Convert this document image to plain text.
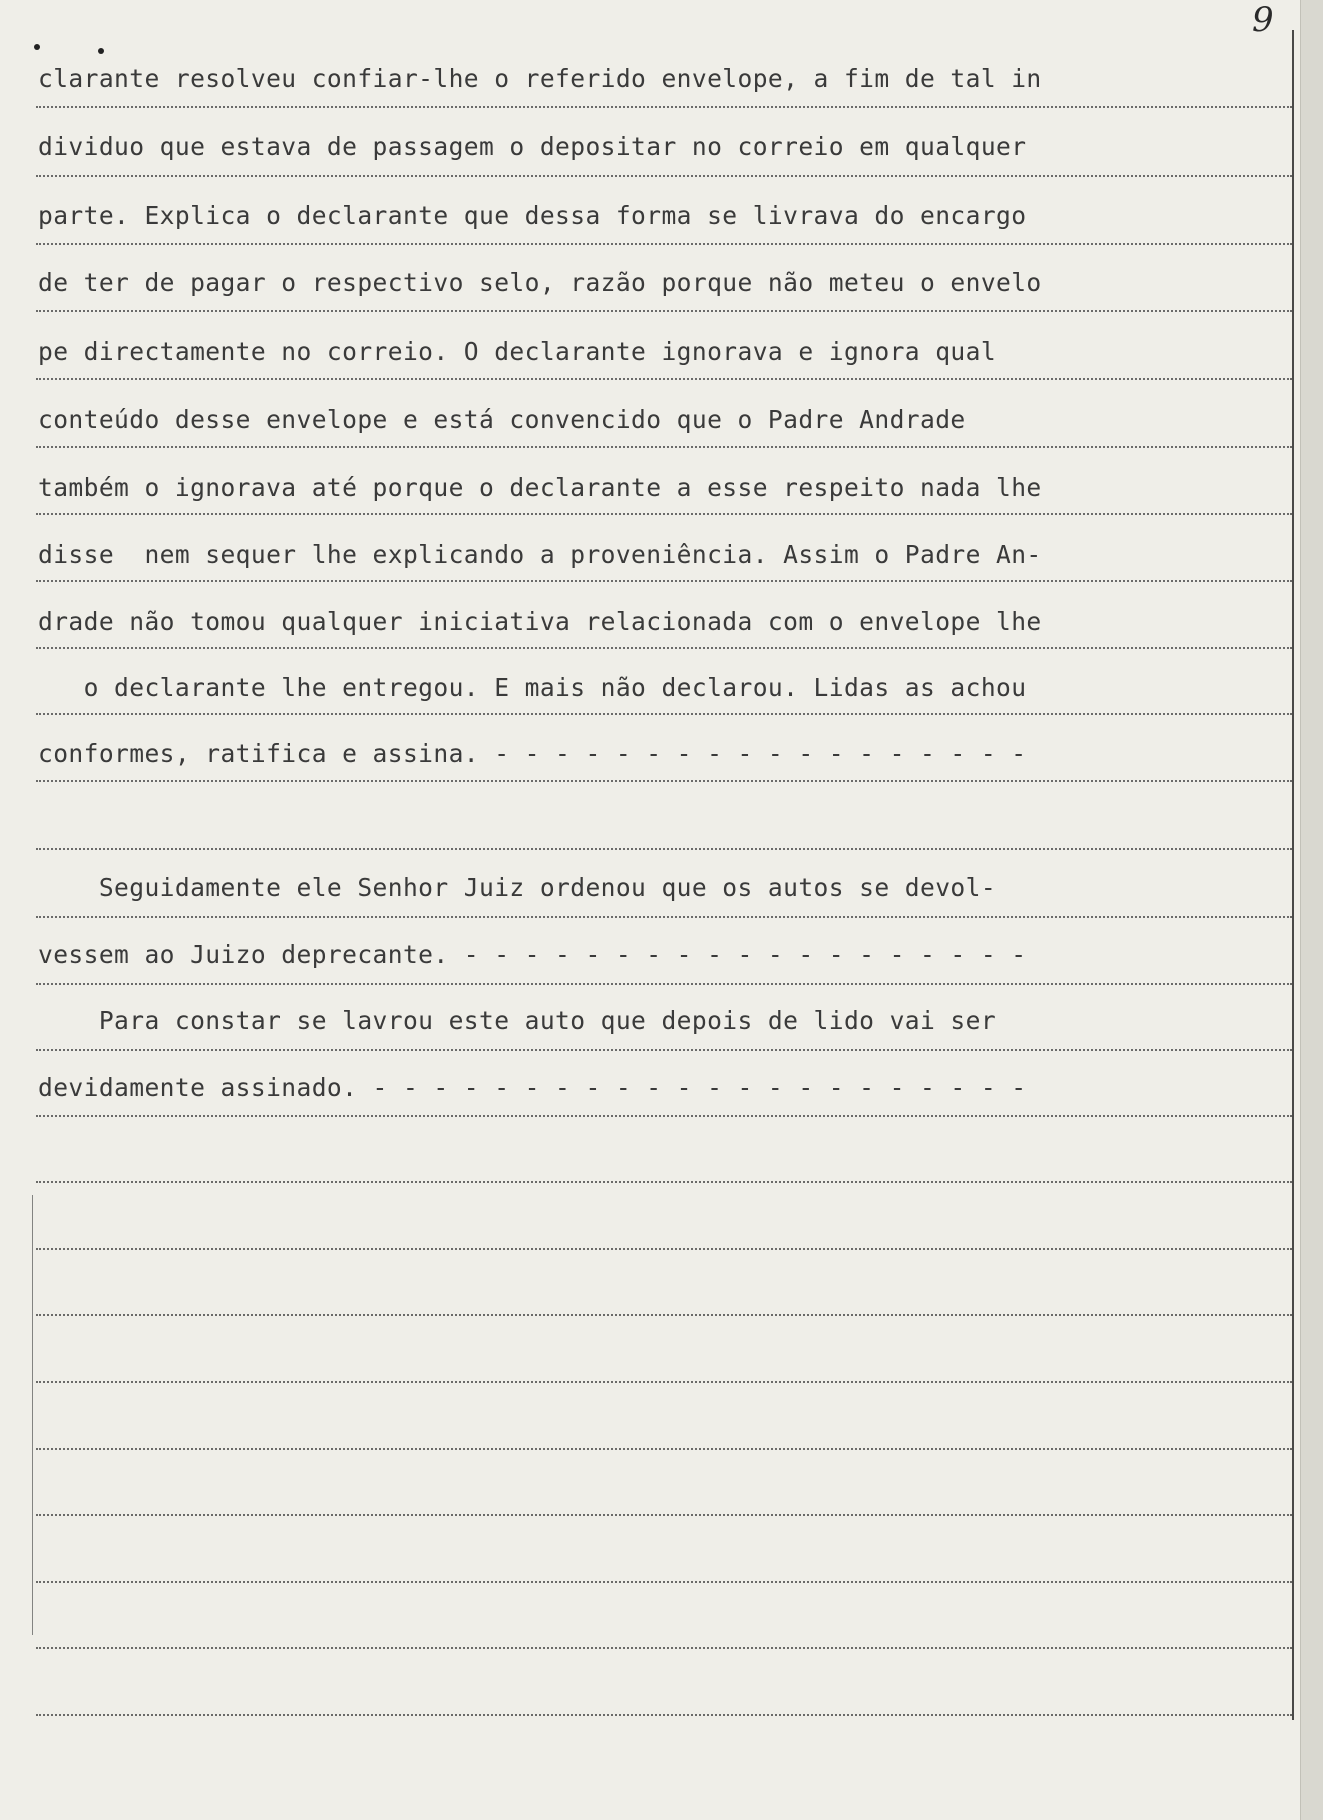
9
clarante resolveu confiar-lhe o referido envelope, a fim de tal in
dividuo que estava de passagem o depositar no correio em qualquer
parte. Explica o declarante que dessa forma se livrava do encargo
de ter de pagar o respectivo selo, razão porque não meteu o envelo
pe directamente no correio. O declarante ignorava e ignora qual
conteúdo desse envelope e está convencido que o Padre Andrade
também o ignorava até porque o declarante a esse respeito nada lhe
disse  nem sequer lhe explicando a proveniência. Assim o Padre An-
drade não tomou qualquer iniciativa relacionada com o envelope lhe
o declarante lhe entregou. E mais não declarou. Lidas as achou
conformes, ratifica e assina. - - - - - - - - - - - - - - - - - -
Seguidamente ele Senhor Juiz ordenou que os autos se devol-
vessem ao Juizo deprecante. - - - - - - - - - - - - - - - - - - -
Para constar se lavrou este auto que depois de lido vai ser
devidamente assinado. - - - - - - - - - - - - - - - - - - - - - -
